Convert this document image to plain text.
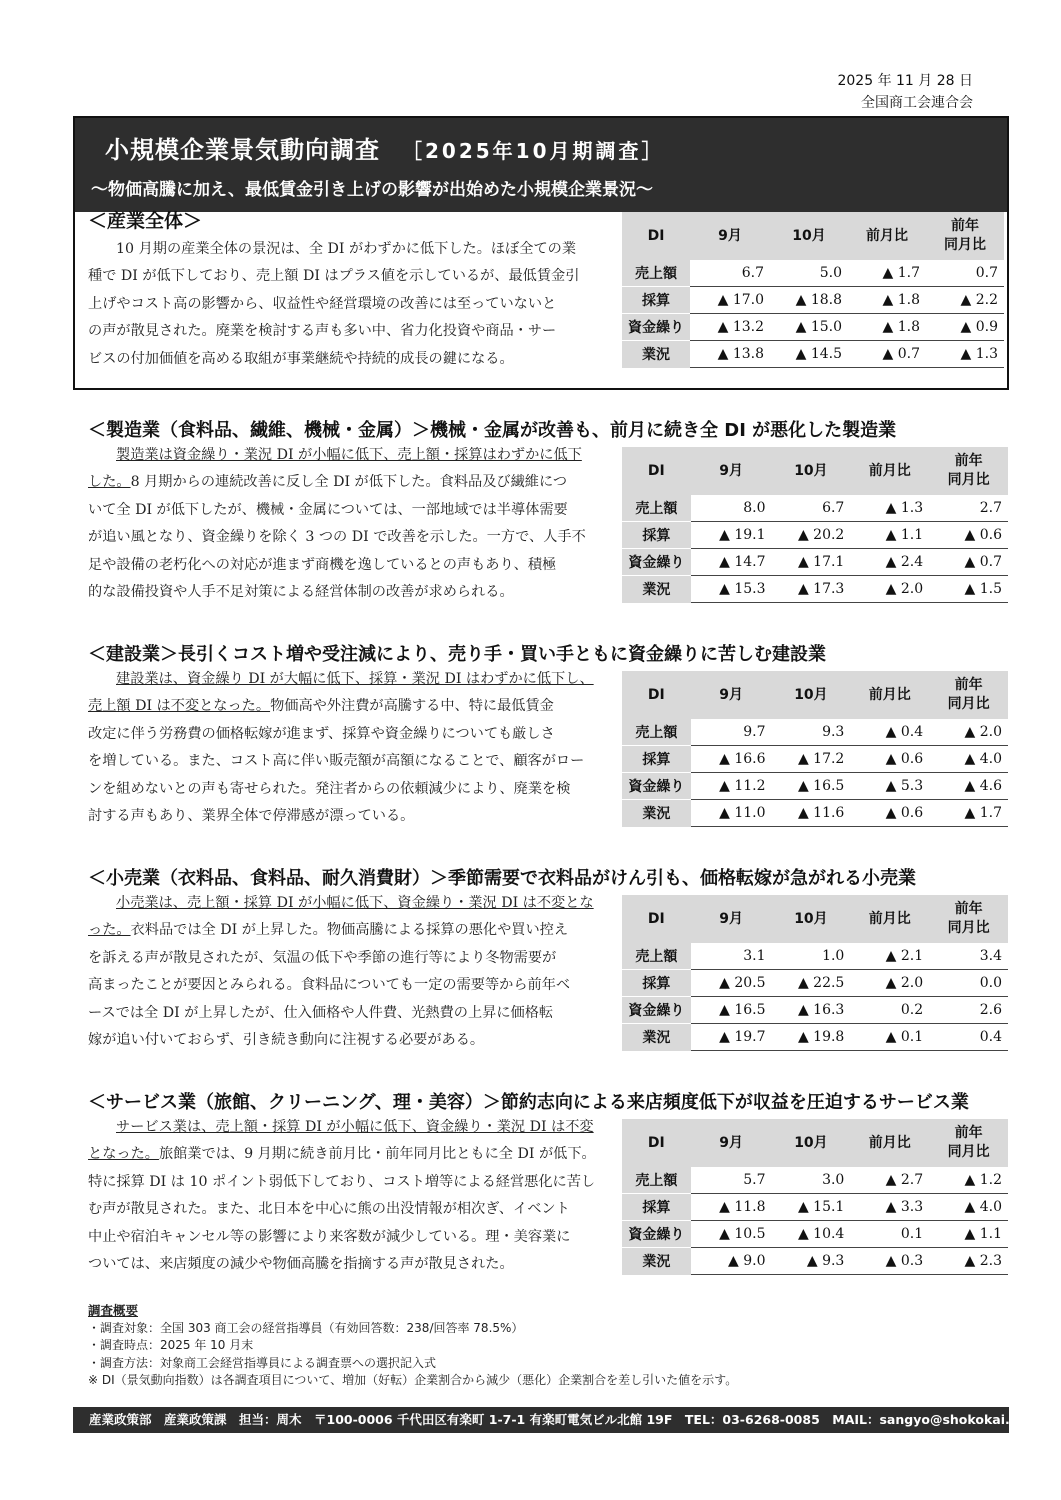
2025 年 11 月 28 日
全国商工会連合会
小規模企業景気動向調査 ［2025年10月期調査］
～物価高騰に加え、最低賃金引き上げの影響が出始めた小規模企業景況～
＜産業全体＞
10 月期の産業全体の景況は、全 DI がわずかに低下した。ほぼ全ての業
種で DI が低下しており、売上額 DI はプラス値を示しているが、最低賃金引
上げやコスト高の影響から、収益性や経営環境の改善には至っていないと
の声が散見された。廃業を検討する声も多い中、省力化投資や商品・サー
ビスの付加価値を高める取組が事業継続や持続的成長の鍵になる。
DI	9月	10月	前月比	前年
同月比

売上額	6.7	5.0	▲ 1.7	0.7
採算	▲ 17.0	▲ 18.8	▲ 1.8	▲ 2.2
資金繰り	▲ 13.2	▲ 15.0	▲ 1.8	▲ 0.9
業況	▲ 13.8	▲ 14.5	▲ 0.7	▲ 1.3
＜製造業（食料品、繊維、機械・金属）＞機械・金属が改善も、前月に続き全 DI が悪化した製造業
製造業は資金繰り・業況 DI が小幅に低下、売上額・採算はわずかに低下
した。8 月期からの連続改善に反し全 DI が低下した。食料品及び繊維につ
いて全 DI が低下したが、機械・金属については、一部地域では半導体需要
が追い風となり、資金繰りを除く 3 つの DI で改善を示した。一方で、人手不
足や設備の老朽化への対応が進まず商機を逸しているとの声もあり、積極
的な設備投資や人手不足対策による経営体制の改善が求められる。
DI	9月	10月	前月比	前年
同月比

売上額	8.0	6.7	▲ 1.3	2.7
採算	▲ 19.1	▲ 20.2	▲ 1.1	▲ 0.6
資金繰り	▲ 14.7	▲ 17.1	▲ 2.4	▲ 0.7
業況	▲ 15.3	▲ 17.3	▲ 2.0	▲ 1.5
＜建設業＞長引くコスト増や受注減により、売り手・買い手ともに資金繰りに苦しむ建設業
建設業は、資金繰り DI が大幅に低下、採算・業況 DI はわずかに低下し、
売上額 DI は不変となった。物価高や外注費が高騰する中、特に最低賃金
改定に伴う労務費の価格転嫁が進まず、採算や資金繰りについても厳しさ
を増している。また、コスト高に伴い販売額が高額になることで、顧客がロー
ンを組めないとの声も寄せられた。発注者からの依頼減少により、廃業を検
討する声もあり、業界全体で停滞感が漂っている。
DI	9月	10月	前月比	前年
同月比

売上額	9.7	9.3	▲ 0.4	▲ 2.0
採算	▲ 16.6	▲ 17.2	▲ 0.6	▲ 4.0
資金繰り	▲ 11.2	▲ 16.5	▲ 5.3	▲ 4.6
業況	▲ 11.0	▲ 11.6	▲ 0.6	▲ 1.7
＜小売業（衣料品、食料品、耐久消費財）＞季節需要で衣料品がけん引も、価格転嫁が急がれる小売業
小売業は、売上額・採算 DI が小幅に低下、資金繰り・業況 DI は不変とな
った。衣料品では全 DI が上昇した。物価高騰による採算の悪化や買い控え
を訴える声が散見されたが、気温の低下や季節の進行等により冬物需要が
高まったことが要因とみられる。食料品についても一定の需要等から前年ベ
ースでは全 DI が上昇したが、仕入価格や人件費、光熱費の上昇に価格転
嫁が追い付いておらず、引き続き動向に注視する必要がある。
DI	9月	10月	前月比	前年
同月比

売上額	3.1	1.0	▲ 2.1	3.4
採算	▲ 20.5	▲ 22.5	▲ 2.0	0.0
資金繰り	▲ 16.5	▲ 16.3	0.2	2.6
業況	▲ 19.7	▲ 19.8	▲ 0.1	0.4
＜サービス業（旅館、クリーニング、理・美容）＞節約志向による来店頻度低下が収益を圧迫するサービス業
サービス業は、売上額・採算 DI が小幅に低下、資金繰り・業況 DI は不変
となった。旅館業では、9 月期に続き前月比・前年同月比ともに全 DI が低下。
特に採算 DI は 10 ポイント弱低下しており、コスト増等による経営悪化に苦し
む声が散見された。また、北日本を中心に熊の出没情報が相次ぎ、イベント
中止や宿泊キャンセル等の影響により来客数が減少している。理・美容業に
ついては、来店頻度の減少や物価高騰を指摘する声が散見された。
DI	9月	10月	前月比	前年
同月比

売上額	5.7	3.0	▲ 2.7	▲ 1.2
採算	▲ 11.8	▲ 15.1	▲ 3.3	▲ 4.0
資金繰り	▲ 10.5	▲ 10.4	0.1	▲ 1.1
業況	▲ 9.0	▲ 9.3	▲ 0.3	▲ 2.3
調査概要
・調査対象：全国 303 商工会の経営指導員（有効回答数：238/回答率 78.5%）
・調査時点：2025 年 10 月末
・調査方法：対象商工会経営指導員による調査票への選択記入式
※ DI（景気動向指数）は各調査項目について、増加（好転）企業割合から減少（悪化）企業割合を差し引いた値を示す。
産業政策部　産業政策課　担当：周木　〒100-0006 千代田区有楽町 1-7-1 有楽町電気ビル北館 19F　TEL：03-6268-0085　MAIL：sangyo@shokokai.or.jp
